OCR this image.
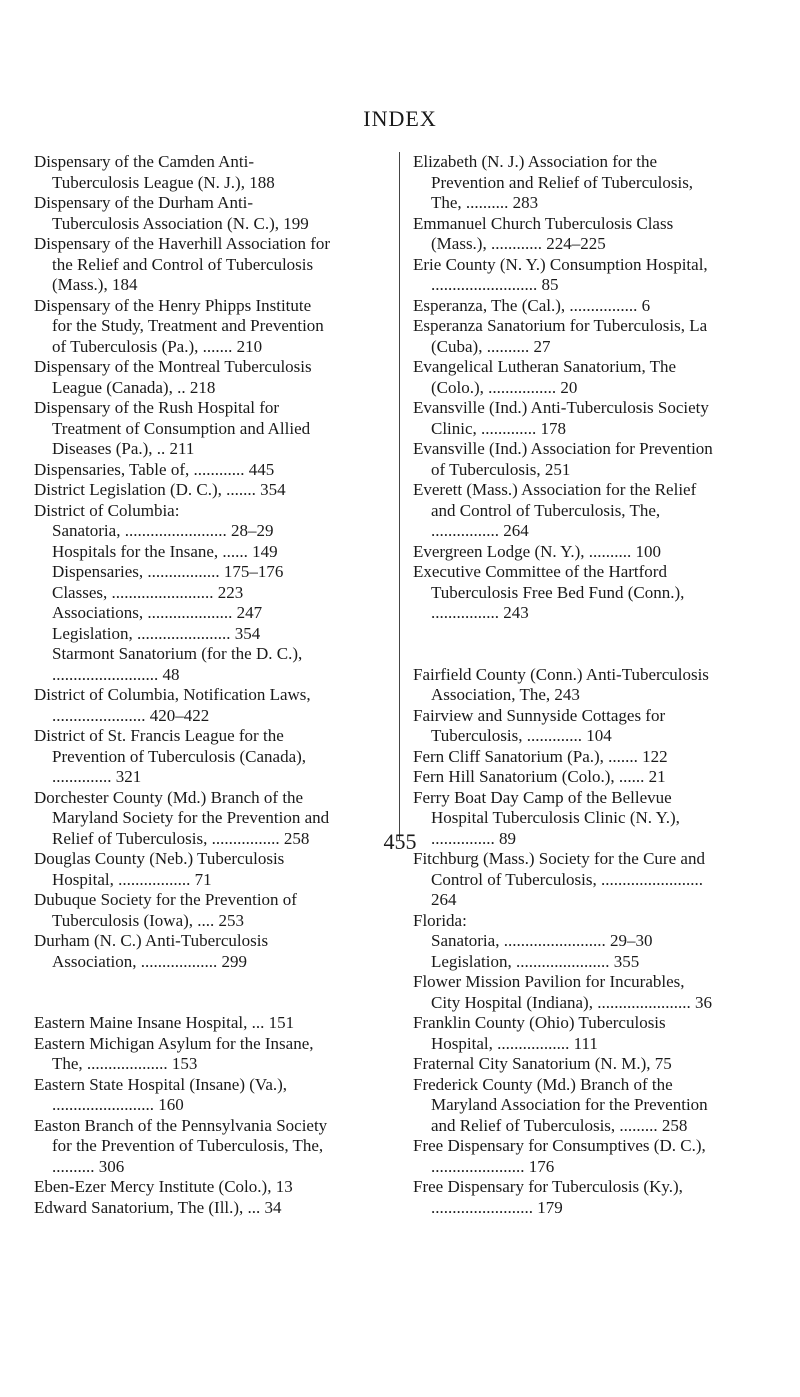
INDEX

Dispensary of the Camden Anti-Tuberculosis League (N. J.), 188

Dispensary of the Durham Anti-Tuberculosis Association (N. C.), 199

Dispensary of the Haverhill Association for the Relief and Control of Tuberculosis (Mass.), 184

Dispensary of the Henry Phipps Institute for the Study, Treatment and Prevention of Tuberculosis (Pa.), ....... 210

Dispensary of the Montreal Tuberculosis League (Canada), .. 218

Dispensary of the Rush Hospital for Treatment of Consumption and Allied Diseases (Pa.), .. 211

Dispensaries, Table of, ............ 445

District Legislation (D. C.), ....... 354

District of Columbia:

Sanatoria, ........................ 28–29

Hospitals for the Insane, ...... 149

Dispensaries, ................. 175–176

Classes, ........................ 223

Associations, .................... 247

Legislation, ...................... 354

Starmont Sanatorium (for the D. C.), ......................... 48

District of Columbia, Notification Laws, ...................... 420–422

District of St. Francis League for the Prevention of Tuberculosis (Canada), .............. 321

Dorchester County (Md.) Branch of the Maryland Society for the Prevention and Relief of Tuberculosis, ................ 258

Douglas County (Neb.) Tuberculosis Hospital, ................. 71

Dubuque Society for the Prevention of Tuberculosis (Iowa), .... 253

Durham (N. C.) Anti-Tuberculosis Association, .................. 299

Eastern Maine Insane Hospital, ... 151

Eastern Michigan Asylum for the Insane, The, ................... 153

Eastern State Hospital (Insane) (Va.), ........................ 160

Easton Branch of the Pennsylvania Society for the Prevention of Tuberculosis, The, .......... 306

Eben-Ezer Mercy Institute (Colo.), 13

Edward Sanatorium, The (Ill.), ... 34

Elizabeth (N. J.) Association for the Prevention and Relief of Tuberculosis, The, .......... 283

Emmanuel Church Tuberculosis Class (Mass.), ............ 224–225

Erie County (N. Y.) Consumption Hospital, ......................... 85

Esperanza, The (Cal.), ................ 6

Esperanza Sanatorium for Tuberculosis, La (Cuba), .......... 27

Evangelical Lutheran Sanatorium, The (Colo.), ................ 20

Evansville (Ind.) Anti-Tuberculosis Society Clinic, ............. 178

Evansville (Ind.) Association for Prevention of Tuberculosis, 251

Everett (Mass.) Association for the Relief and Control of Tuberculosis, The, ................ 264

Evergreen Lodge (N. Y.), .......... 100

Executive Committee of the Hartford Tuberculosis Free Bed Fund (Conn.), ................ 243

Fairfield County (Conn.) Anti-Tuberculosis Association, The, 243

Fairview and Sunnyside Cottages for Tuberculosis, ............. 104

Fern Cliff Sanatorium (Pa.), ....... 122

Fern Hill Sanatorium (Colo.), ...... 21

Ferry Boat Day Camp of the Bellevue Hospital Tuberculosis Clinic (N. Y.), ............... 89

Fitchburg (Mass.) Society for the Cure and Control of Tuberculosis, ........................ 264

Florida:

Sanatoria, ........................ 29–30

Legislation, ...................... 355

Flower Mission Pavilion for Incurables, City Hospital (Indiana), ...................... 36

Franklin County (Ohio) Tuberculosis Hospital, ................. 111

Fraternal City Sanatorium (N. M.), 75

Frederick County (Md.) Branch of the Maryland Association for the Prevention and Relief of Tuberculosis, ......... 258

Free Dispensary for Consumptives (D. C.), ...................... 176

Free Dispensary for Tuberculosis (Ky.), ........................ 179

455
